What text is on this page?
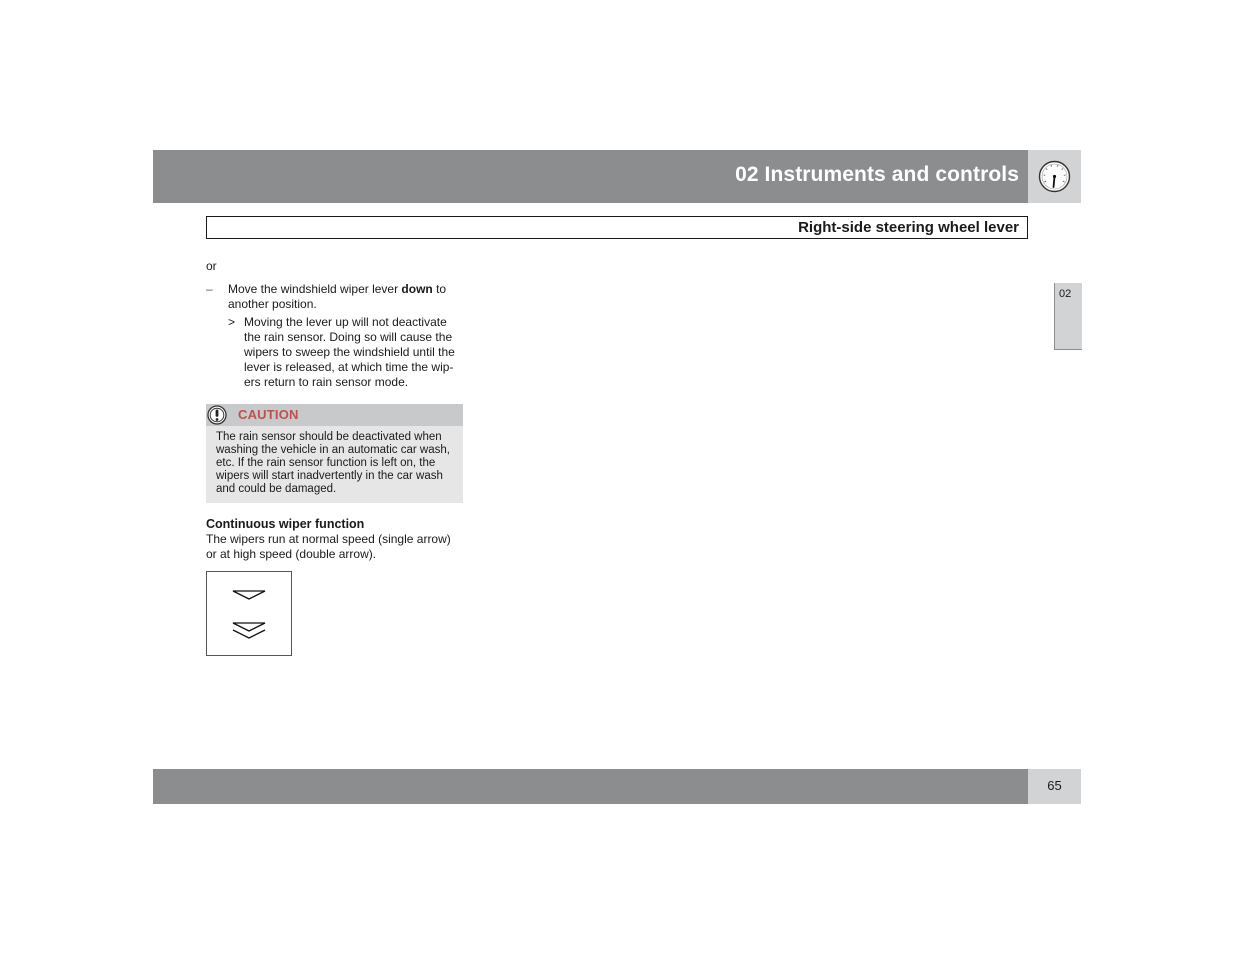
02 Instruments and controls
Right-side steering wheel lever
02

or

– Move the windshield wiper lever down to another position.
> Moving the lever up will not deactivate the rain sensor. Doing so will cause the wipers to sweep the windshield until the lever is released, at which time the wip-ers return to rain sensor mode.
CAUTION
The rain sensor should be deactivated when washing the vehicle in an automatic car wash, etc. If the rain sensor function is left on, the wipers will start inadvertently in the car wash and could be damaged.
Continuous wiper function
The wipers run at normal speed (single arrow) or at high speed (double arrow).
65
